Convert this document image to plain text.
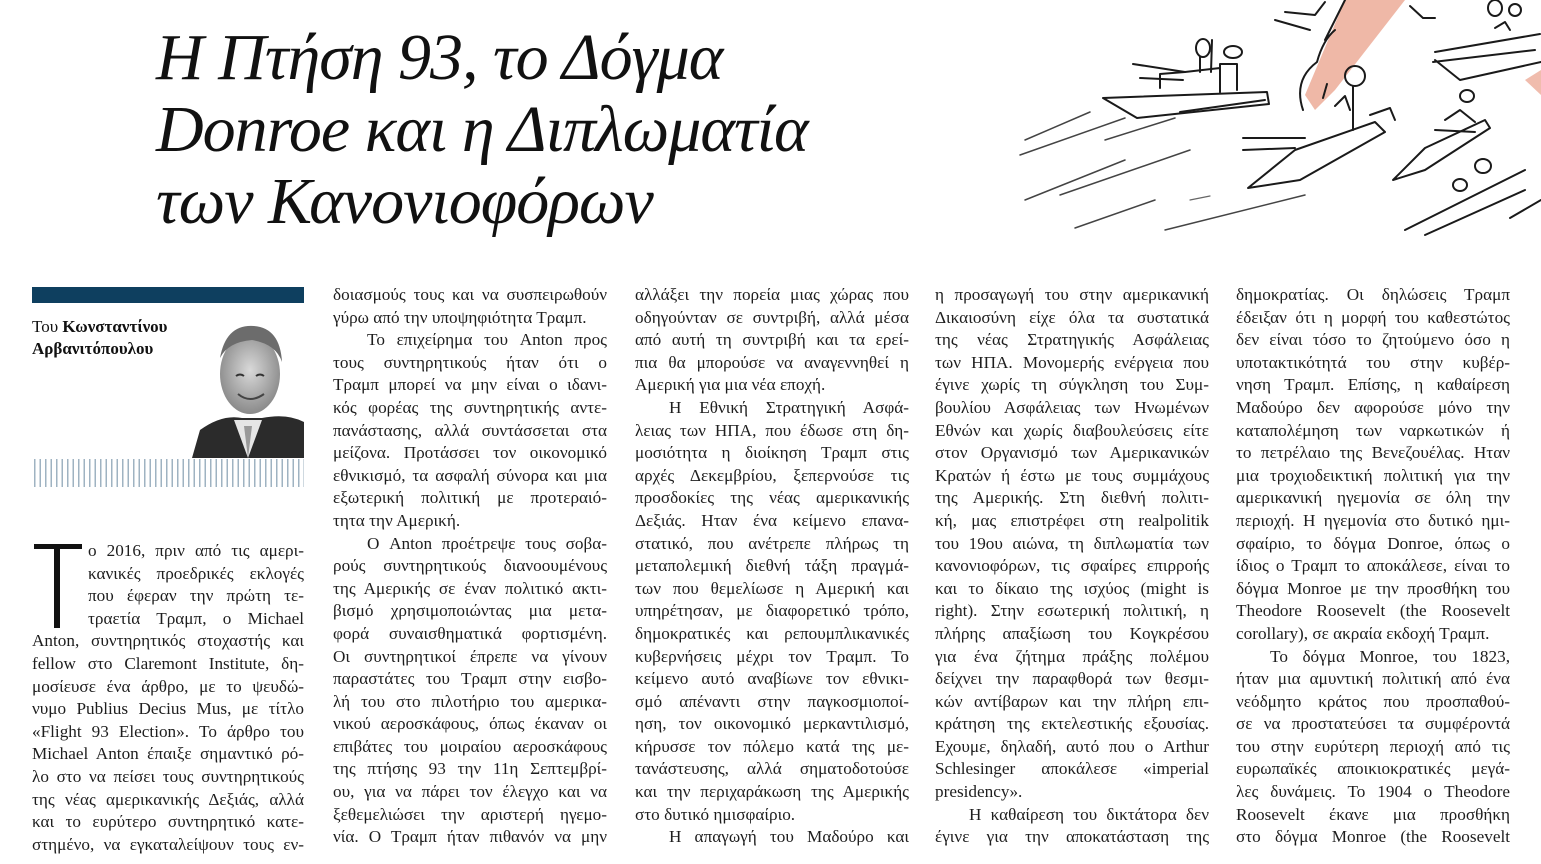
Η Πτήση 93, το Δόγμα
Donroe και η Διπλωματία
των Κανονιοφόρων
Του Κωνσταντίνου
Αρβανιτόπουλου
ο 2016, πριν από τις αμερι-
κανικές προεδρικές εκλογές
που έφεραν την πρώτη τε-
τραετία Τραμπ, ο Michael
Anton, συντηρητικός στοχαστής και
fellow στο Claremont Institute, δη-
μοσίευσε ένα άρθρο, με το ψευδώ-
νυμο Publius Decius Mus, με τίτλο
«Flight 93 Election». Το άρθρο του
Michael Anton έπαιξε σημαντικό ρό-
λο στο να πείσει τους συντηρητικούς
της νέας αμερικανικής Δεξιάς, αλλά
και το ευρύτερο συντηρητικό κατε-
στημένο, να εγκαταλείψουν τους εν-
δοιασμούς τους και να συσπειρωθούν
γύρω από την υποψηφιότητα Τραμπ.
Το επιχείρημα του Anton προς
τους συντηρητικούς ήταν ότι ο
Τραμπ μπορεί να μην είναι ο ιδανι-
κός φορέας της συντηρητικής αντε-
πανάστασης, αλλά συντάσσεται στα
μείζονα. Προτάσσει τον οικονομικό
εθνικισμό, τα ασφαλή σύνορα και μια
εξωτερική πολιτική με προτεραιό-
τητα την Αμερική.
Ο Anton προέτρεψε τους σοβα-
ρούς συντηρητικούς διανοουμένους
της Αμερικής σε έναν πολιτικό ακτι-
βισμό χρησιμοποιώντας μια μετα-
φορά συναισθηματικά φορτισμένη.
Οι συντηρητικοί έπρεπε να γίνουν
παραστάτες του Τραμπ στην εισβο-
λή του στο πιλοτήριο του αμερικα-
νικού αεροσκάφους, όπως έκαναν οι
επιβάτες του μοιραίου αεροσκάφους
της πτήσης 93 την 11η Σεπτεμβρί-
ου, για να πάρει τον έλεγχο και να
ξεθεμελιώσει την αριστερή ηγεμο-
νία. Ο Τραμπ ήταν πιθανόν να μην
αλλάξει την πορεία μιας χώρας που
οδηγούνταν σε συντριβή, αλλά μέσα
από αυτή τη συντριβή και τα ερεί-
πια θα μπορούσε να αναγεννηθεί η
Αμερική για μια νέα εποχή.
Η Εθνική Στρατηγική Ασφά-
λειας των ΗΠΑ, που έδωσε στη δη-
μοσιότητα η διοίκηση Τραμπ στις
αρχές Δεκεμβρίου, ξεπερνούσε τις
προσδοκίες της νέας αμερικανικής
Δεξιάς. Ηταν ένα κείμενο επανα-
στατικό, που ανέτρεπε πλήρως τη
μεταπολεμική διεθνή τάξη πραγμά-
των που θεμελίωσε η Αμερική και
υπηρέτησαν, με διαφορετικό τρόπο,
δημοκρατικές και ρεπουμπλικανικές
κυβερνήσεις μέχρι τον Τραμπ. Το
κείμενο αυτό αναβίωνε τον εθνικι-
σμό απέναντι στην παγκοσμιοποί-
ηση, τον οικονομικό μερκαντιλισμό,
κήρυσσε τον πόλεμο κατά της με-
τανάστευσης, αλλά σηματοδοτούσε
και την περιχαράκωση της Αμερικής
στο δυτικό ημισφαίριο.
Η απαγωγή του Μαδούρο και
η προσαγωγή του στην αμερικανική
Δικαιοσύνη είχε όλα τα συστατικά
της νέας Στρατηγικής Ασφάλειας
των ΗΠΑ. Μονομερής ενέργεια που
έγινε χωρίς τη σύγκληση του Συμ-
βουλίου Ασφάλειας των Ηνωμένων
Εθνών και χωρίς διαβουλεύσεις είτε
στον Οργανισμό των Αμερικανικών
Κρατών ή έστω με τους συμμάχους
της Αμερικής. Στη διεθνή πολιτι-
κή, μας επιστρέφει στη realpolitik
του 19ου αιώνα, τη διπλωματία των
κανονιοφόρων, τις σφαίρες επιρροής
και το δίκαιο της ισχύος (might is
right). Στην εσωτερική πολιτική, η
πλήρης απαξίωση του Κογκρέσου
για ένα ζήτημα πράξης πολέμου
δείχνει την παραφθορά των θεσμι-
κών αντίβαρων και την πλήρη επι-
κράτηση της εκτελεστικής εξουσίας.
Εχουμε, δηλαδή, αυτό που ο Arthur
Schlesinger αποκάλεσε «imperial
presidency».
Η καθαίρεση του δικτάτορα δεν
έγινε για την αποκατάσταση της
δημοκρατίας. Οι δηλώσεις Τραμπ
έδειξαν ότι η μορφή του καθεστώτος
δεν είναι τόσο το ζητούμενο όσο η
υποτακτικότητά του στην κυβέρ-
νηση Τραμπ. Επίσης, η καθαίρεση
Μαδούρο δεν αφορούσε μόνο την
καταπολέμηση των ναρκωτικών ή
το πετρέλαιο της Βενεζουέλας. Ηταν
μια τροχιοδεικτική πολιτική για την
αμερικανική ηγεμονία σε όλη την
περιοχή. Η ηγεμονία στο δυτικό ημι-
σφαίριο, το δόγμα Donroe, όπως ο
ίδιος ο Τραμπ το αποκάλεσε, είναι το
δόγμα Monroe με την προσθήκη του
Theodore Roosevelt (the Roosevelt
corollary), σε ακραία εκδοχή Τραμπ.
Το δόγμα Monroe, του 1823,
ήταν μια αμυντική πολιτική από ένα
νεόδμητο κράτος που προσπαθού-
σε να προστατεύσει τα συμφέροντά
του στην ευρύτερη περιοχή από τις
ευρωπαϊκές αποικιοκρατικές μεγά-
λες δυνάμεις. Το 1904 ο Theodore
Roosevelt έκανε μια προσθήκη
στο δόγμα Monroe (the Roosevelt
